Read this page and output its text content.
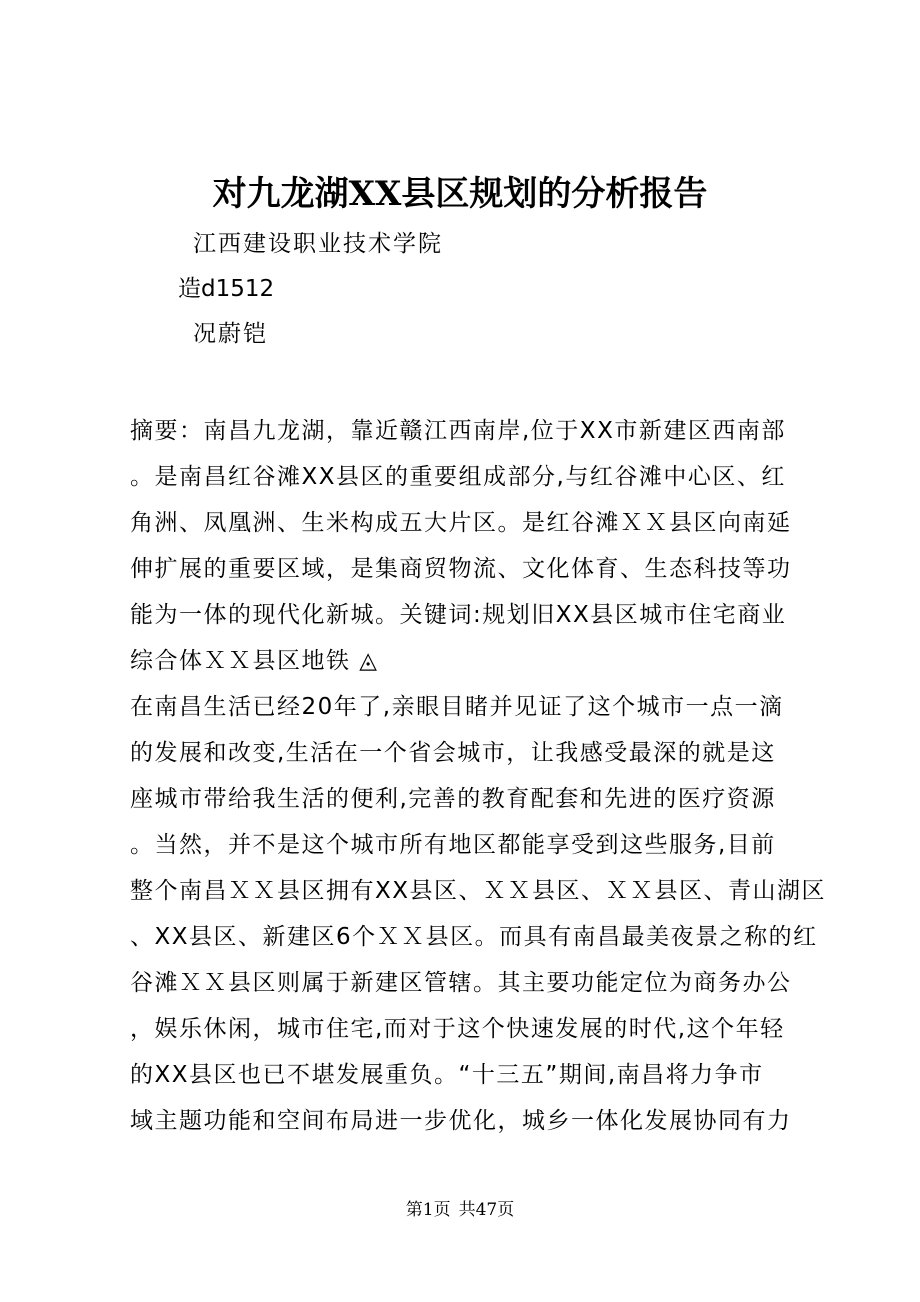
对九龙湖XX县区规划的分析报告

江西建设职业技术学院

造d1512

况蔚铠

摘要：南昌九龙湖，靠近赣江西南岸,位于XX市新建区西南部
。是南昌红谷滩XX县区的重要组成部分,与红谷滩中心区、红
角洲、凤凰洲、生米构成五大片区。是红谷滩ＸＸ县区向南延
伸扩展的重要区域，是集商贸物流、文化体育、生态科技等功
能为一体的现代化新城。关键词:规划旧XX县区城市住宅商业
综合体ＸＸ县区地铁 ◬
在南昌生活已经20年了,亲眼目睹并见证了这个城市一点一滴
的发展和改变,生活在一个省会城市，让我感受最深的就是这
座城市带给我生活的便利,完善的教育配套和先进的医疗资源
。当然，并不是这个城市所有地区都能享受到这些服务,目前
整个南昌ＸＸ县区拥有XX县区、ＸＸ县区、ＸＸ县区、青山湖区
、XX县区、新建区6个ＸＸ县区。而具有南昌最美夜景之称的红
谷滩ＸＸ县区则属于新建区管辖。其主要功能定位为商务办公
，娱乐休闲，城市住宅,而对于这个快速发展的时代,这个年轻
的XX县区也已不堪发展重负。“十三五”期间,南昌将力争市
域主题功能和空间布局进一步优化，城乡一体化发展协同有力

第1页 共47页
